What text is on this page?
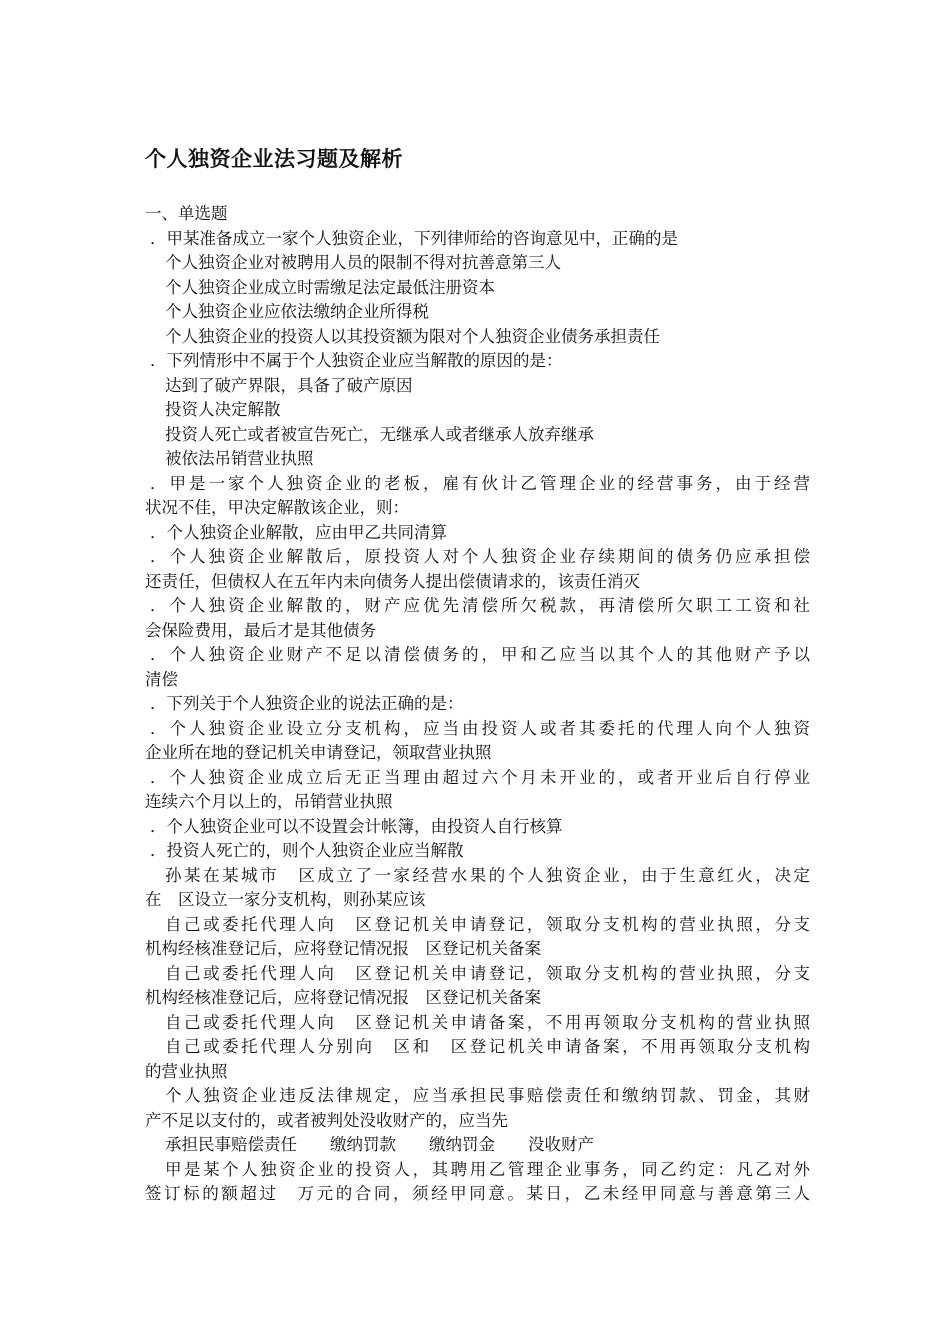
个人独资企业法习题及解析
一、单选题
．甲某准备成立一家个人独资企业，下列律师给的咨询意见中，正确的是
个人独资企业对被聘用人员的限制不得对抗善意第三人
个人独资企业成立时需缴足法定最低注册资本
个人独资企业应依法缴纳企业所得税
个人独资企业的投资人以其投资额为限对个人独资企业债务承担责任
．下列情形中不属于个人独资企业应当解散的原因的是：
达到了破产界限，具备了破产原因
投资人决定解散
投资人死亡或者被宣告死亡，无继承人或者继承人放弃继承
被依法吊销营业执照
．甲是一家个人独资企业的老板，雇有伙计乙管理企业的经营事务，由于经营
状况不佳，甲决定解散该企业，则：
．个人独资企业解散，应由甲乙共同清算
．个人独资企业解散后，原投资人对个人独资企业存续期间的债务仍应承担偿
还责任，但债权人在五年内未向债务人提出偿债请求的，该责任消灭
．个人独资企业解散的，财产应优先清偿所欠税款，再清偿所欠职工工资和社
会保险费用，最后才是其他债务
．个人独资企业财产不足以清偿债务的，甲和乙应当以其个人的其他财产予以
清偿
．下列关于个人独资企业的说法正确的是：
．个人独资企业设立分支机构，应当由投资人或者其委托的代理人向个人独资
企业所在地的登记机关申请登记，领取营业执照
．个人独资企业成立后无正当理由超过六个月未开业的，或者开业后自行停业
连续六个月以上的，吊销营业执照
．个人独资企业可以不设置会计帐簿，由投资人自行核算
．投资人死亡的，则个人独资企业应当解散
孙某在某城市　区成立了一家经营水果的个人独资企业，由于生意红火，决定
在　区设立一家分支机构，则孙某应该
自己或委托代理人向　区登记机关申请登记，领取分支机构的营业执照，分支
机构经核准登记后，应将登记情况报　区登记机关备案
自己或委托代理人向　区登记机关申请登记，领取分支机构的营业执照，分支
机构经核准登记后，应将登记情况报　区登记机关备案
自己或委托代理人向　区登记机关申请备案，不用再领取分支机构的营业执照
自己或委托代理人分别向　区和　区登记机关申请备案，不用再领取分支机构
的营业执照
个人独资企业违反法律规定，应当承担民事赔偿责任和缴纳罚款、罚金，其财
产不足以支付的，或者被判处没收财产的，应当先
承担民事赔偿责任　　缴纳罚款　　缴纳罚金　　没收财产
甲是某个人独资企业的投资人，其聘用乙管理企业事务，同乙约定：凡乙对外
签订标的额超过　万元的合同，须经甲同意。某日，乙未经甲同意与善意第三人
